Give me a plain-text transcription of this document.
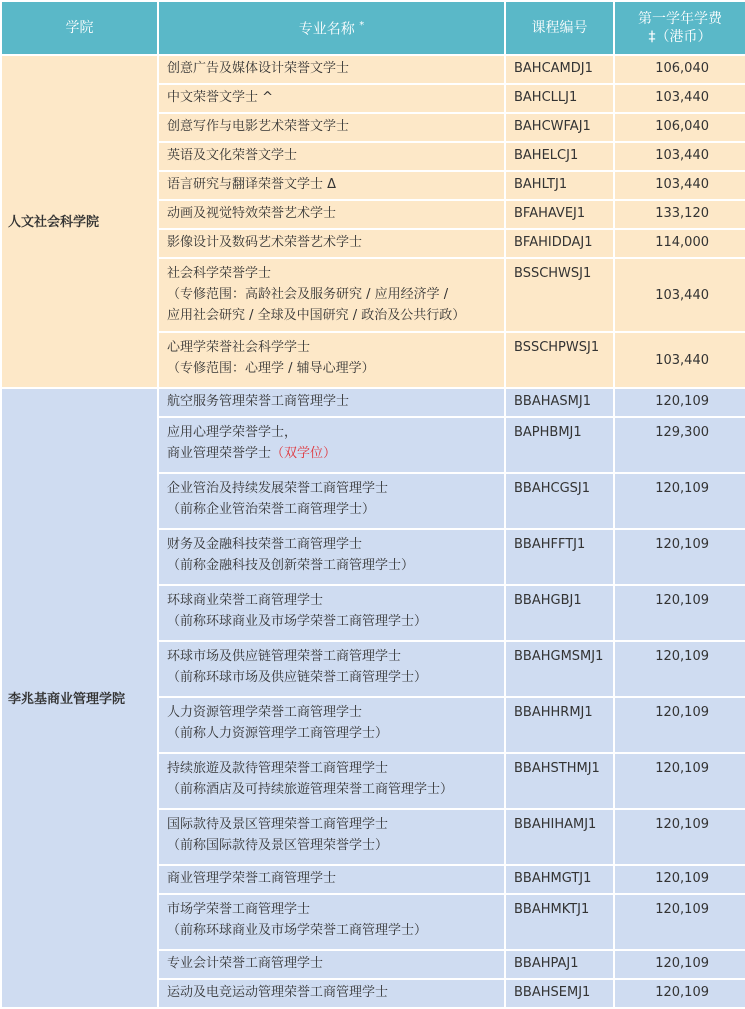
学院	专业名称 *	课程编号	第一学年学费
‡（港币）

人文社会科学院	创意广告及媒体设计荣誉文学士	BAHCAMDJ1	106,040
	中文荣誉文学士 ^	BAHCLLJ1	103,440
	创意写作与电影艺术荣誉文学士	BAHCWFAJ1	106,040
	英语及文化荣誉文学士	BAHELCJ1	103,440
	语言研究与翻译荣誉文学士 Δ	BAHLTJ1	103,440
	动画及视觉特效荣誉艺术学士	BFAHAVEJ1	133,120
	影像设计及数码艺术荣誉艺术学士	BFAHIDDAJ1	114,000

	社会科学荣誉学士
（专修范围：高龄社会及服务研究 / 应用经济学 /
应用社会研究 / 全球及中国研究 / 政治及公共行政）	BSSCHWSJ1	103,440

	心理学荣誉社会科学学士
（专修范围：心理学 / 辅导心理学）	BSSCHPWSJ1	103,440
李兆基商业管理学院	航空服务管理荣誉工商管理学士	BBAHASMJ1	120,109

	应用心理学荣誉学士，
商业管理荣誉学士（双学位）	BAPHBMJ1	129,300

	企业管治及持续发展荣誉工商管理学士
（前称企业管治荣誉工商管理学士）	BBAHCGSJ1	120,109

	财务及金融科技荣誉工商管理学士
（前称金融科技及创新荣誉工商管理学士）	BBAHFFTJ1	120,109

	环球商业荣誉工商管理学士
（前称环球商业及市场学荣誉工商管理学士）	BBAHGBJ1	120,109

	环球市场及供应链管理荣誉工商管理学士
（前称环球市场及供应链荣誉工商管理学士）	BBAHGMSMJ1	120,109

	人力资源管理学荣誉工商管理学士
（前称人力资源管理学工商管理学士）	BBAHHRMJ1	120,109

	持续旅遊及款待管理荣誉工商管理学士
（前称酒店及可持续旅遊管理荣誉工商管理学士）	BBAHSTHMJ1	120,109

	国际款待及景区管理荣誉工商管理学士
（前称国际款待及景区管理荣誉学士）	BBAHIHAMJ1	120,109
	商业管理学荣誉工商管理学士	BBAHMGTJ1	120,109

	市场学荣誉工商管理学士
（前称环球商业及市场学荣誉工商管理学士）	BBAHMKTJ1	120,109
	专业会计荣誉工商管理学士	BBAHPAJ1	120,109
	运动及电竞运动管理荣誉工商管理学士	BBAHSEMJ1	120,109
